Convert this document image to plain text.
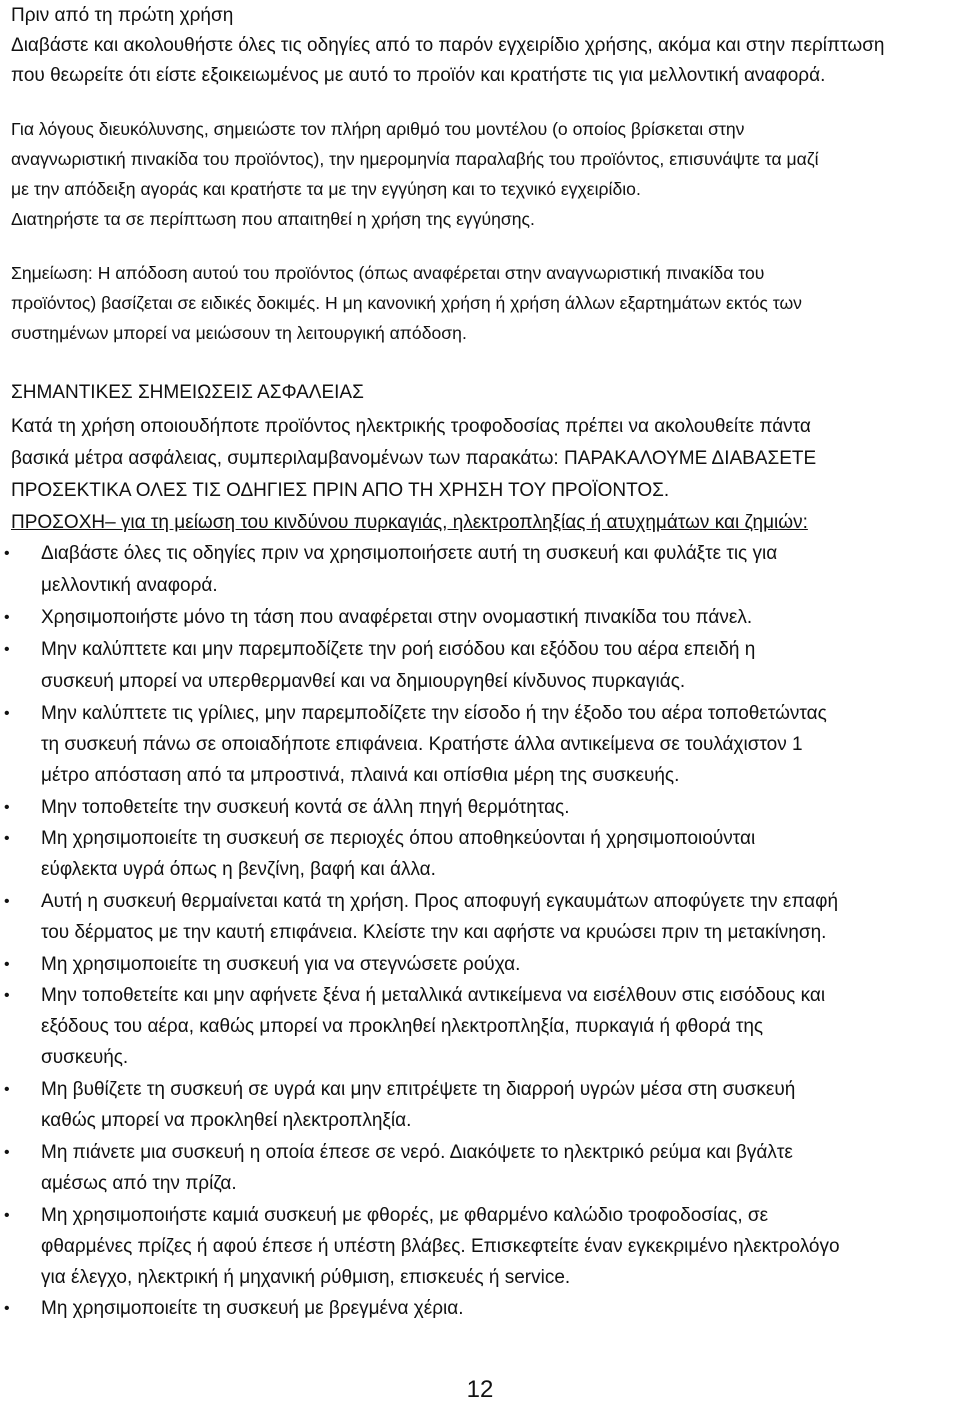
Πριν από τη πρώτη χρήση
Διαβάστε και ακολουθήστε όλες τις οδηγίες από το παρόν εγχειρίδιο χρήσης, ακόμα και στην περίπτωση
που θεωρείτε ότι είστε εξοικειωμένος με αυτό το προϊόν και κρατήστε τις για μελλοντική αναφορά.
Για λόγους διευκόλυνσης, σημειώστε τον πλήρη αριθμό του μοντέλου (ο οποίος βρίσκεται στην
αναγνωριστική πινακίδα του προϊόντος), την ημερομηνία παραλαβής του προϊόντος, επισυνάψτε τα μαζί
με την απόδειξη αγοράς και κρατήστε τα με την εγγύηση και το τεχνικό εγχειρίδιο.
Διατηρήστε τα σε περίπτωση που απαιτηθεί η χρήση της εγγύησης.
Σημείωση: Η απόδοση αυτού του προϊόντος (όπως αναφέρεται στην αναγνωριστική πινακίδα του
προϊόντος) βασίζεται σε ειδικές δοκιμές. Η μη κανονική χρήση ή χρήση άλλων εξαρτημάτων εκτός των
συστημένων μπορεί να μειώσουν τη λειτουργική απόδοση.
ΣΗΜΑΝΤΙΚΕΣ ΣΗΜΕΙΩΣΕΙΣ ΑΣΦΑΛΕΙΑΣ
Κατά τη χρήση οποιουδήποτε προϊόντος ηλεκτρικής τροφοδοσίας πρέπει να ακολουθείτε πάντα
βασικά μέτρα ασφάλειας, συμπεριλαμβανομένων των παρακάτω: ΠΑΡΑΚΑΛΟΥΜΕ ΔΙΑΒΑΣΕΤΕ
ΠΡΟΣΕΚΤΙΚΑ ΟΛΕΣ ΤΙΣ ΟΔΗΓΙΕΣ ΠΡΙΝ ΑΠΟ ΤΗ ΧΡΗΣΗ ΤΟΥ ΠΡΟΪΟΝΤΟΣ.
ΠΡΟΣΟΧΗ– για τη μείωση του κινδύνου πυρκαγιάς, ηλεκτροπληξίας ή ατυχημάτων και ζημιών:
• Διαβάστε όλες τις οδηγίες πριν να χρησιμοποιήσετε αυτή τη συσκευή και φυλάξτε τις για
μελλοντική αναφορά.
• Χρησιμοποιήστε μόνο τη τάση που αναφέρεται στην ονομαστική πινακίδα του πάνελ.
• Μην καλύπτετε και μην παρεμποδίζετε την ροή εισόδου και εξόδου του αέρα επειδή η
συσκευή μπορεί να υπερθερμανθεί και να δημιουργηθεί κίνδυνος πυρκαγιάς.
• Μην καλύπτετε τις γρίλιες, μην παρεμποδίζετε την είσοδο ή την έξοδο του αέρα τοποθετώντας
τη συσκευή πάνω σε οποιαδήποτε επιφάνεια. Κρατήστε άλλα αντικείμενα σε τουλάχιστον 1
μέτρο απόσταση από τα μπροστινά, πλαινά και οπίσθια μέρη της συσκευής.
• Μην τοποθετείτε την συσκευή κοντά σε άλλη πηγή θερμότητας.
• Μη χρησιμοποιείτε τη συσκευή σε περιοχές όπου αποθηκεύονται ή χρησιμοποιούνται
εύφλεκτα υγρά όπως η βενζίνη, βαφή και άλλα.
• Αυτή η συσκευή θερμαίνεται κατά τη χρήση. Προς αποφυγή εγκαυμάτων αποφύγετε την επαφή
του δέρματος με την καυτή επιφάνεια. Κλείστε την και αφήστε να κρυώσει πριν τη μετακίνηση.
• Μη χρησιμοποιείτε τη συσκευή για να στεγνώσετε ρούχα.
• Μην τοποθετείτε και μην αφήνετε ξένα ή μεταλλικά αντικείμενα να εισέλθουν στις εισόδους και
εξόδους του αέρα, καθώς μπορεί να προκληθεί ηλεκτροπληξία, πυρκαγιά ή φθορά της
συσκευής.
• Μη βυθίζετε τη συσκευή σε υγρά και μην επιτρέψετε τη διαρροή υγρών μέσα στη συσκευή
καθώς μπορεί να προκληθεί ηλεκτροπληξία.
• Μη πιάνετε μια συσκευή η οποία έπεσε σε νερό. Διακόψετε το ηλεκτρικό ρεύμα και βγάλτε
αμέσως από την πρίζα.
• Μη χρησιμοποιήστε καμιά συσκευή με φθορές, με φθαρμένο καλώδιο τροφοδοσίας, σε
φθαρμένες πρίζες ή αφού έπεσε ή υπέστη βλάβες. Επισκεφτείτε έναν εγκεκριμένο ηλεκτρολόγο
για έλεγχο, ηλεκτρική ή μηχανική ρύθμιση, επισκευές ή service.
• Μη χρησιμοποιείτε τη συσκευή με βρεγμένα χέρια.
12
